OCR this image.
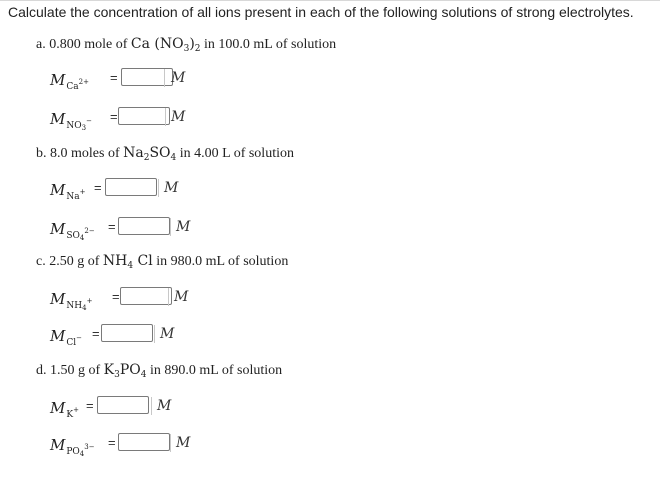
Calculate the concentration of all ions present in each of the following solutions of strong electrolytes.
a. 0.800 mole of Ca $(NO_3)_2$ in 100.0 mL of solution
$M_{Ca^{2+}}$ =	M
$M_{NO_3^-}$ =	M
b. 8.0 moles of $Na_2SO_4$ in 4.00 L of solution
$M_{Na^+}$ =	M
$M_{SO_4^{2-}}$ =	M
c. 2.50 g of $NH_4$ Cl in 980.0 mL of solution
$M_{NH_4^+}$ =	M
$M_{Cl^-}$ =	M
d. 1.50 g of $K_3PO_4$ in 890.0 mL of solution
$M_{K^+}$ =	M
$M_{PO_4^{3-}}$ =	M
